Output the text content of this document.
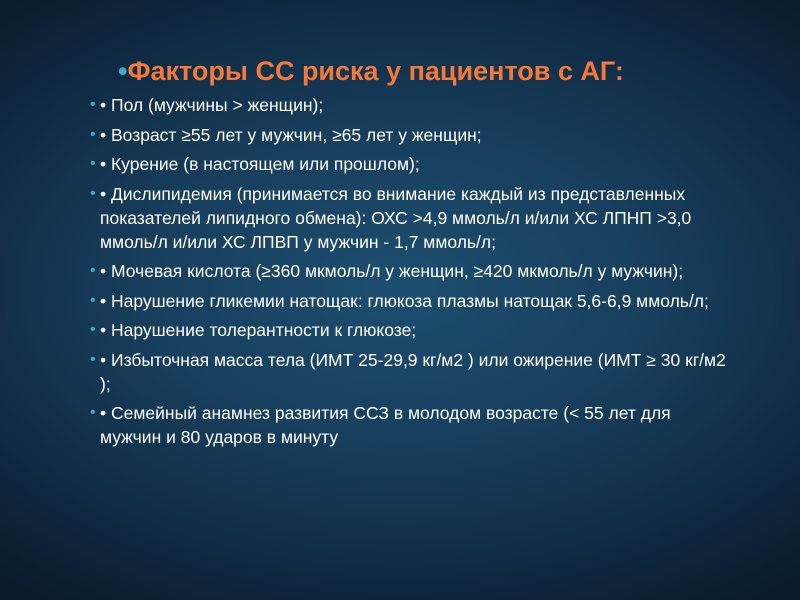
•Факторы СС риска у пациентов с АГ:
• • Пол (мужчины > женщин);
• • Возраст ≥55 лет у мужчин, ≥65 лет у женщин;
• • Курение (в настоящем или прошлом);
• • Дислипидемия (принимается во внимание каждый из представленных показателей липидного обмена): ОХС >4,9 ммоль/л и/или ХС ЛПНП >3,0 ммоль/л и/или ХС ЛПВП у мужчин - 1,7 ммоль/л;
• • Мочевая кислота (≥360 мкмоль/л у женщин, ≥420 мкмоль/л у мужчин);
• • Нарушение гликемии натощак: глюкоза плазмы натощак 5,6-6,9 ммоль/л;
• • Нарушение толерантности к глюкозе;
• • Избыточная масса тела (ИМТ 25-29,9 кг/м2 ) или ожирение (ИМТ ≥ 30 кг/м2 );
• • Семейный анамнез развития ССЗ в молодом возрасте (< 55 лет для мужчин и 80 ударов в минуту
